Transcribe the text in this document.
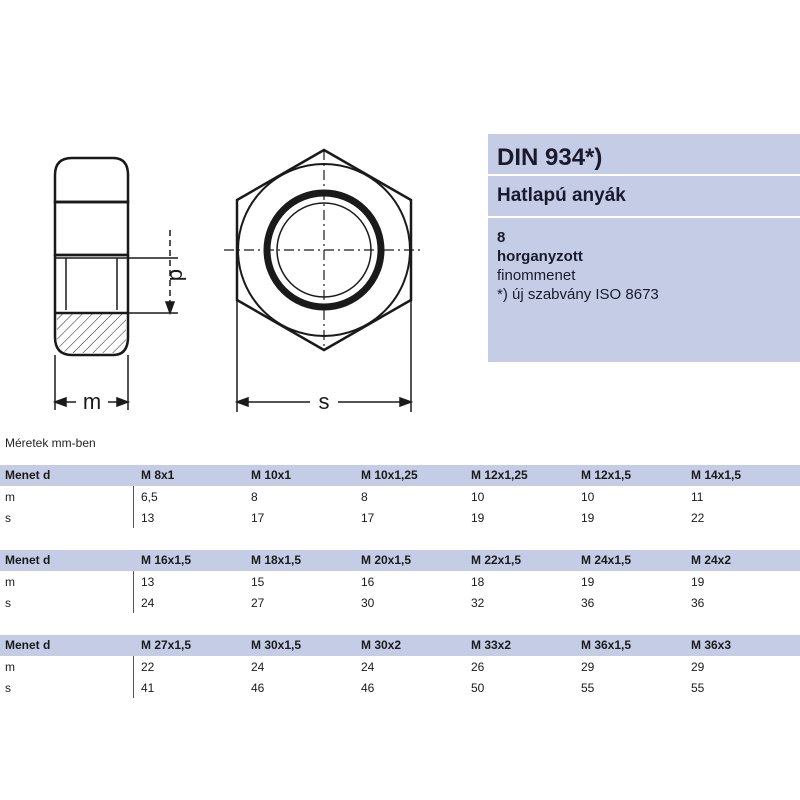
d
m	s
DIN 934*)
Hatlapú anyák
8
horganyzott
finommenet
*) új szabvány ISO 8673
Méretek mm-ben
Menet d	M 8x1	M 10x1	M 10x1,25	M 12x1,25	M 12x1,5	M 14x1,5
m	6,5	8	8	10	10	11
s	13	17	17	19	19	22
Menet d	M 16x1,5	M 18x1,5	M 20x1,5	M 22x1,5	M 24x1,5	M 24x2
m	13	15	16	18	19	19
s	24	27	30	32	36	36
Menet d	M 27x1,5	M 30x1,5	M 30x2	M 33x2	M 36x1,5	M 36x3
m	22	24	24	26	29	29
s	41	46	46	50	55	55
